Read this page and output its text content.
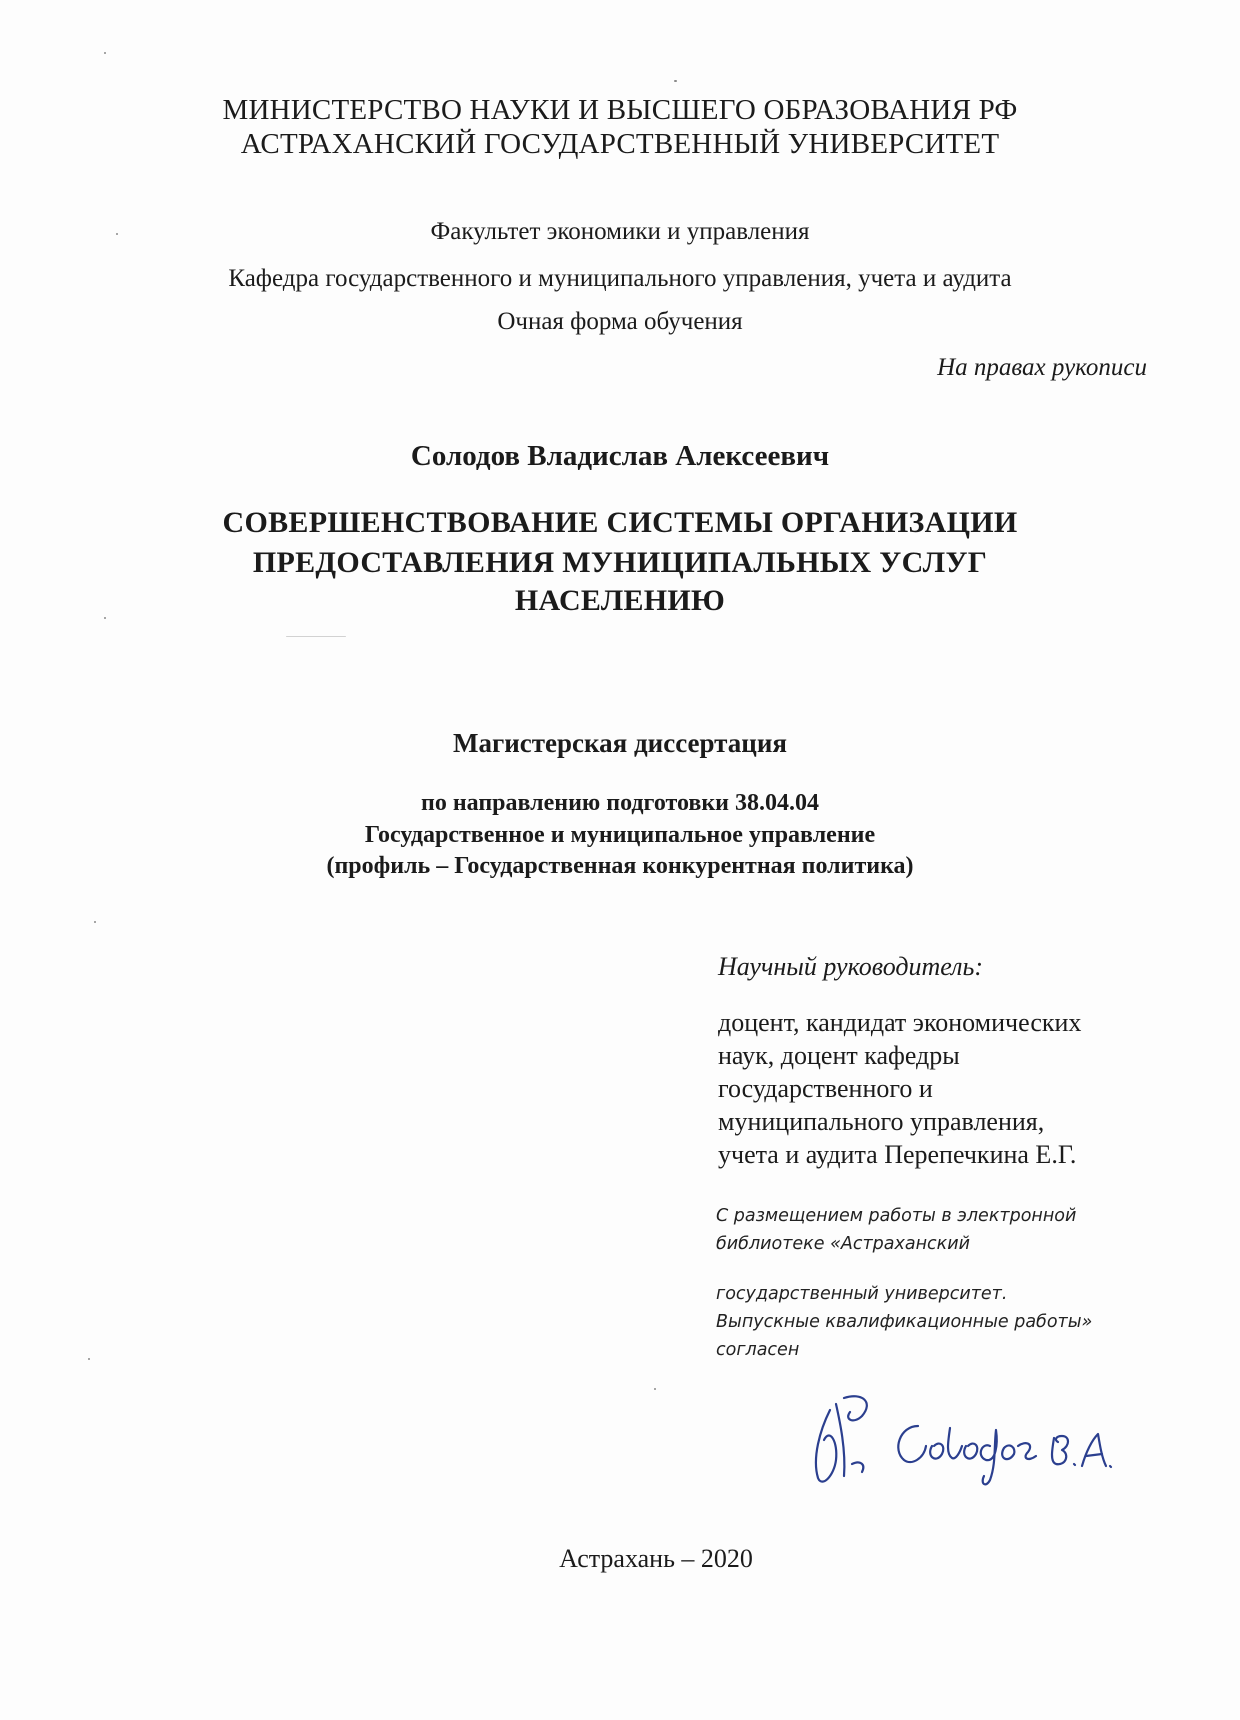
МИНИСТЕРСТВО НАУКИ И ВЫСШЕГО ОБРАЗОВАНИЯ РФ
АСТРАХАНСКИЙ ГОСУДАРСТВЕННЫЙ УНИВЕРСИТЕТ
Факультет экономики и управления
Кафедра государственного и муниципального управления, учета и аудита
Очная форма обучения
На правах рукописи
Солодов Владислав Алексеевич
СОВЕРШЕНСТВОВАНИЕ СИСТЕМЫ ОРГАНИЗАЦИИ
ПРЕДОСТАВЛЕНИЯ МУНИЦИПАЛЬНЫХ УСЛУГ
НАСЕЛЕНИЮ
Магистерская диссертация
по направлению подготовки 38.04.04
Государственное и муниципальное управление
(профиль – Государственная конкурентная политика)
Научный руководитель:
доцент, кандидат экономических
наук, доцент кафедры
государственного и
муниципального управления,
учета и аудита Перепечкина Е.Г.
С размещением работы в электронной
библиотеке «Астраханский
государственный университет.
Выпускные квалификационные работы»
согласен
Астрахань – 2020
